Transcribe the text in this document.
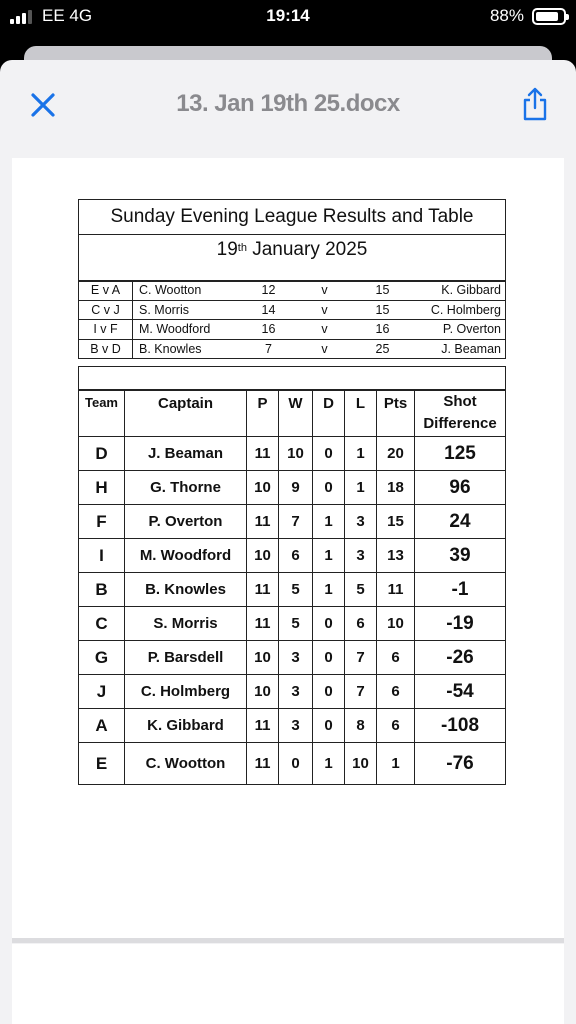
EE 4G	19:14	88%
13. Jan 19th 25.docx
Sunday Evening League Results and Table
19th January 2025
E v A	C. Wootton	12	v	15	K. Gibbard
C v J	S. Morris	14	v	15	C. Holmberg
I v F	M. Woodford	16	v	16	P. Overton
B v D	B. Knowles	7	v	25	J. Beaman
Team	Captain	P	W	D	L	Pts	Shot
Difference
D	J. Beaman	11	10	0	1	20	125
H	G. Thorne	10	9	0	1	18	96
F	P. Overton	11	7	1	3	15	24
I	M. Woodford	10	6	1	3	13	39
B	B. Knowles	11	5	1	5	11	-1
C	S. Morris	11	5	0	6	10	-19
G	P. Barsdell	10	3	0	7	6	-26
J	C. Holmberg	10	3	0	7	6	-54
A	K. Gibbard	11	3	0	8	6	-108
E	C. Wootton	11	0	1	10	1	-76
